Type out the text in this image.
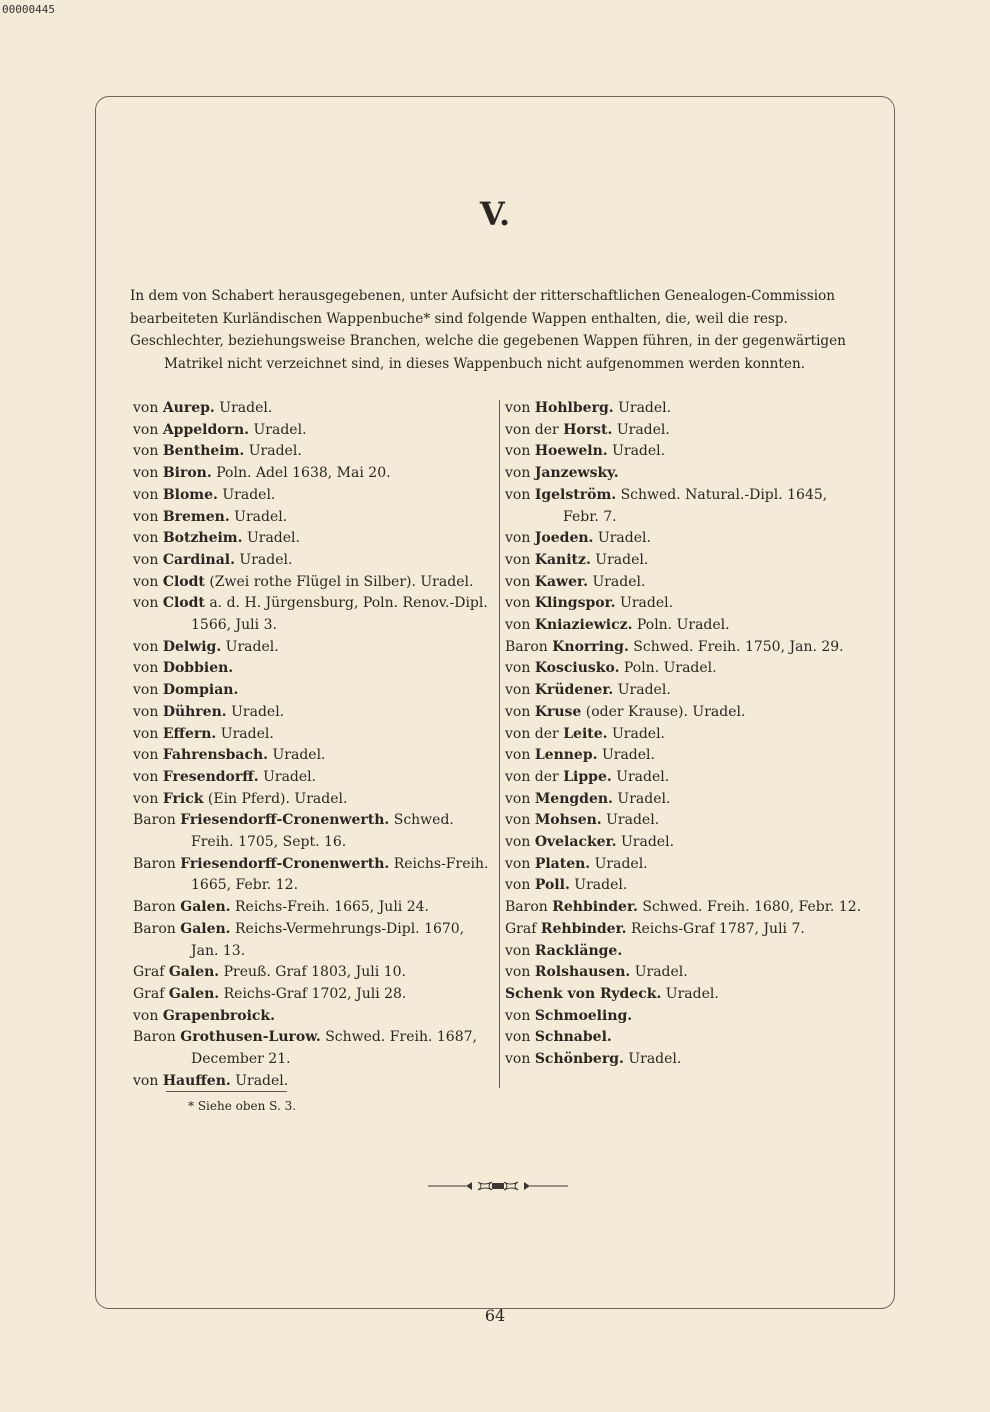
00000445
V.
In dem von Schabert herausgegebenen, unter Aufsicht der ritterschaftlichen Genealogen-Commission
bearbeiteten Kurländischen Wappenbuche* sind folgende Wappen enthalten, die, weil die resp.
Geschlechter, beziehungsweise Branchen, welche die gegebenen Wappen führen, in der gegenwärtigen
Matrikel nicht verzeichnet sind, in dieses Wappenbuch nicht aufgenommen werden konnten.
von Aurep. Uradel.
von Appeldorn. Uradel.
von Bentheim. Uradel.
von Biron. Poln. Adel 1638, Mai 20.
von Blome. Uradel.
von Bremen. Uradel.
von Botzheim. Uradel.
von Cardinal. Uradel.
von Clodt (Zwei rothe Flügel in Silber). Uradel.
von Clodt a. d. H. Jürgensburg, Poln. Renov.-Dipl. 1566, Juli 3.
von Delwig. Uradel.
von Dobbien.
von Dompian.
von Dühren. Uradel.
von Effern. Uradel.
von Fahrensbach. Uradel.
von Fresendorff. Uradel.
von Frick (Ein Pferd). Uradel.
Baron Friesendorff-Cronenwerth. Schwed. Freih. 1705, Sept. 16.
Baron Friesendorff-Cronenwerth. Reichs-Freih. 1665, Febr. 12.
Baron Galen. Reichs-Freih. 1665, Juli 24.
Baron Galen. Reichs-Vermehrungs-Dipl. 1670, Jan. 13.
Graf Galen. Preuß. Graf 1803, Juli 10.
Graf Galen. Reichs-Graf 1702, Juli 28.
von Grapenbroick.
Baron Grothusen-Lurow. Schwed. Freih. 1687, December 21.
von Hauffen. Uradel.
von Hohlberg. Uradel.
von der Horst. Uradel.
von Hoeweln. Uradel.
von Janzewsky.
von Igelström. Schwed. Natural.-Dipl. 1645, Febr. 7.
von Joeden. Uradel.
von Kanitz. Uradel.
von Kawer. Uradel.
von Klingspor. Uradel.
von Kniaziewicz. Poln. Uradel.
Baron Knorring. Schwed. Freih. 1750, Jan. 29.
von Kosciusko. Poln. Uradel.
von Krüdener. Uradel.
von Kruse (oder Krause). Uradel.
von der Leite. Uradel.
von Lennep. Uradel.
von der Lippe. Uradel.
von Mengden. Uradel.
von Mohsen. Uradel.
von Ovelacker. Uradel.
von Platen. Uradel.
von Poll. Uradel.
Baron Rehbinder. Schwed. Freih. 1680, Febr. 12.
Graf Rehbinder. Reichs-Graf 1787, Juli 7.
von Racklänge.
von Rolshausen. Uradel.
Schenk von Rydeck. Uradel.
von Schmoeling.
von Schnabel.
von Schönberg. Uradel.
* Siehe oben S. 3.
64
